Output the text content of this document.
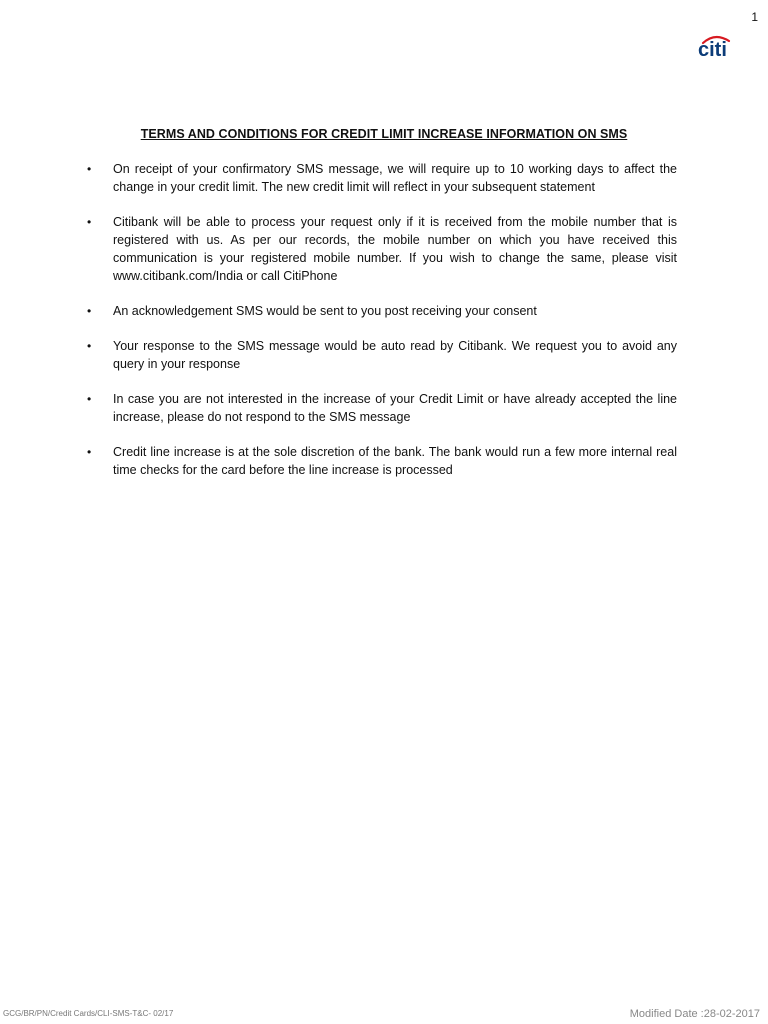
1
citi
TERMS AND CONDITIONS FOR CREDIT LIMIT INCREASE INFORMATION ON SMS
•	On receipt of your confirmatory SMS message, we will require up to 10 working days to affect the change in your credit limit. The new credit limit will reflect in your subsequent statement
•	Citibank will be able to process your request only if it is received from the mobile number that is registered with us. As per our records, the mobile number on which you have received this communication is your registered mobile number. If you wish to change the same, please visit www.citibank.com/India or call CitiPhone
•	An acknowledgement SMS would be sent to you post receiving your consent
•	Your response to the SMS message would be auto read by Citibank. We request you to avoid any query in your response
•	In case you are not interested in the increase of your Credit Limit or have already accepted the line increase, please do not respond to the SMS message
•	Credit line increase is at the sole discretion of the bank. The bank would run a few more internal real time checks for the card before the line increase is processed
GCG/BR/PN/Credit Cards/CLI-SMS-T&C- 02/17	Modified Date :28-02-2017
